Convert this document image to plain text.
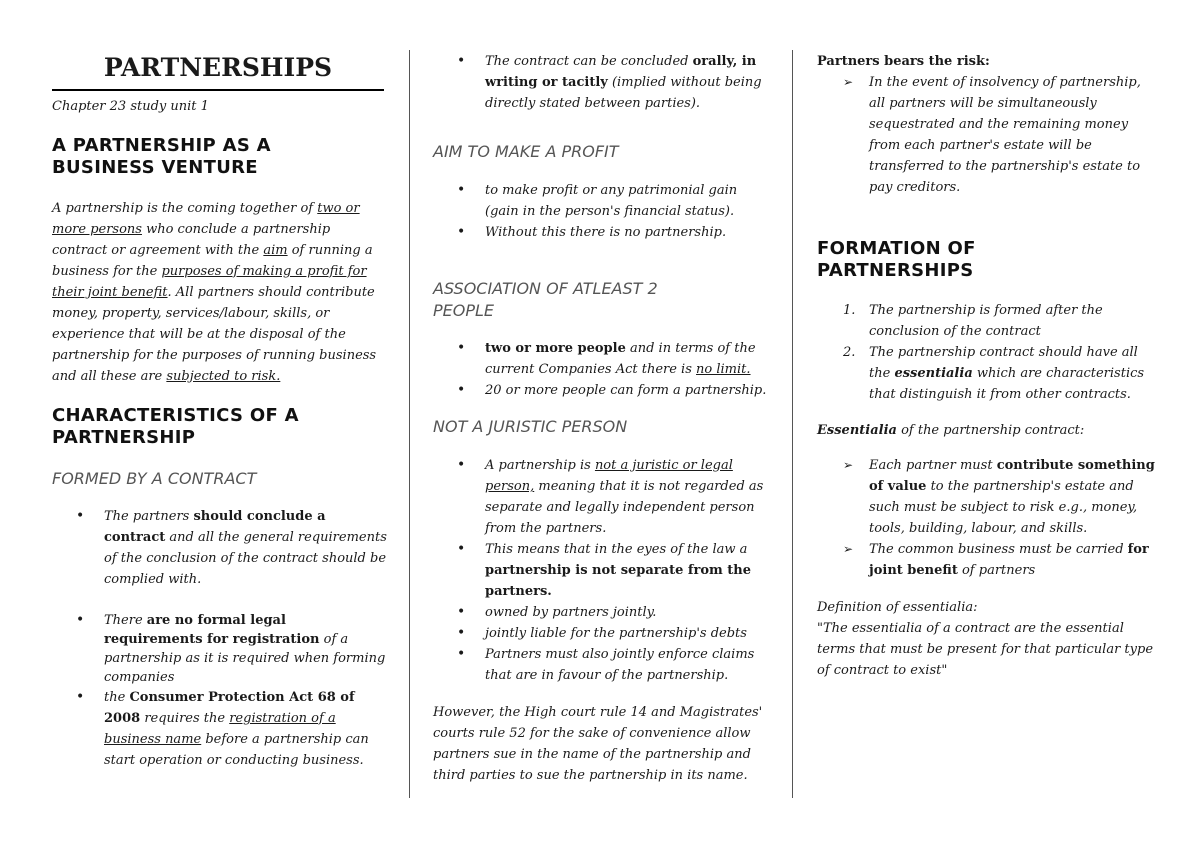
PARTNERSHIPS
Chapter 23 study unit 1
A PARTNERSHIP AS A BUSINESS VENTURE
A partnership is the coming together of two or more persons who conclude a partnership contract or agreement with the aim of running a business for the purposes of making a profit for their joint benefit. All partners should contribute money, property, services/labour, skills, or experience that will be at the disposal of the partnership for the purposes of running business and all these are subjected to risk.
CHARACTERISTICS OF A PARTNERSHIP
FORMED BY A CONTRACT
• The partners should conclude a contract and all the general requirements of the conclusion of the contract should be complied with.
• There are no formal legal requirements for registration of a partnership as it is required when forming companies
• the Consumer Protection Act 68 of 2008 requires the registration of a business name before a partnership can start operation or conducting business.
• The contract can be concluded orally, in writing or tacitly (implied without being directly stated between parties).
AIM TO MAKE A PROFIT
• to make profit or any patrimonial gain (gain in the person's financial status).
• Without this there is no partnership.
ASSOCIATION OF ATLEAST 2 PEOPLE
• two or more people and in terms of the current Companies Act there is no limit.
• 20 or more people can form a partnership.
NOT A JURISTIC PERSON
• A partnership is not a juristic or legal person, meaning that it is not regarded as separate and legally independent person from the partners.
• This means that in the eyes of the law a partnership is not separate from the partners.
• owned by partners jointly.
• jointly liable for the partnership's debts
• Partners must also jointly enforce claims that are in favour of the partnership.
However, the High court rule 14 and Magistrates' courts rule 52 for the sake of convenience allow partners sue in the name of the partnership and third parties to sue the partnership in its name.
Partners bears the risk:
➢ In the event of insolvency of partnership, all partners will be simultaneously sequestrated and the remaining money from each partner's estate will be transferred to the partnership's estate to pay creditors.
FORMATION OF PARTNERSHIPS
1. The partnership is formed after the conclusion of the contract
2. The partnership contract should have all the essentialia which are characteristics that distinguish it from other contracts.
Essentialia of the partnership contract:
➢ Each partner must contribute something of value to the partnership's estate and such must be subject to risk e.g., money, tools, building, labour, and skills.
➢ The common business must be carried for joint benefit of partners
Definition of essentialia:
"The essentialia of a contract are the essential terms that must be present for that particular type of contract to exist"
